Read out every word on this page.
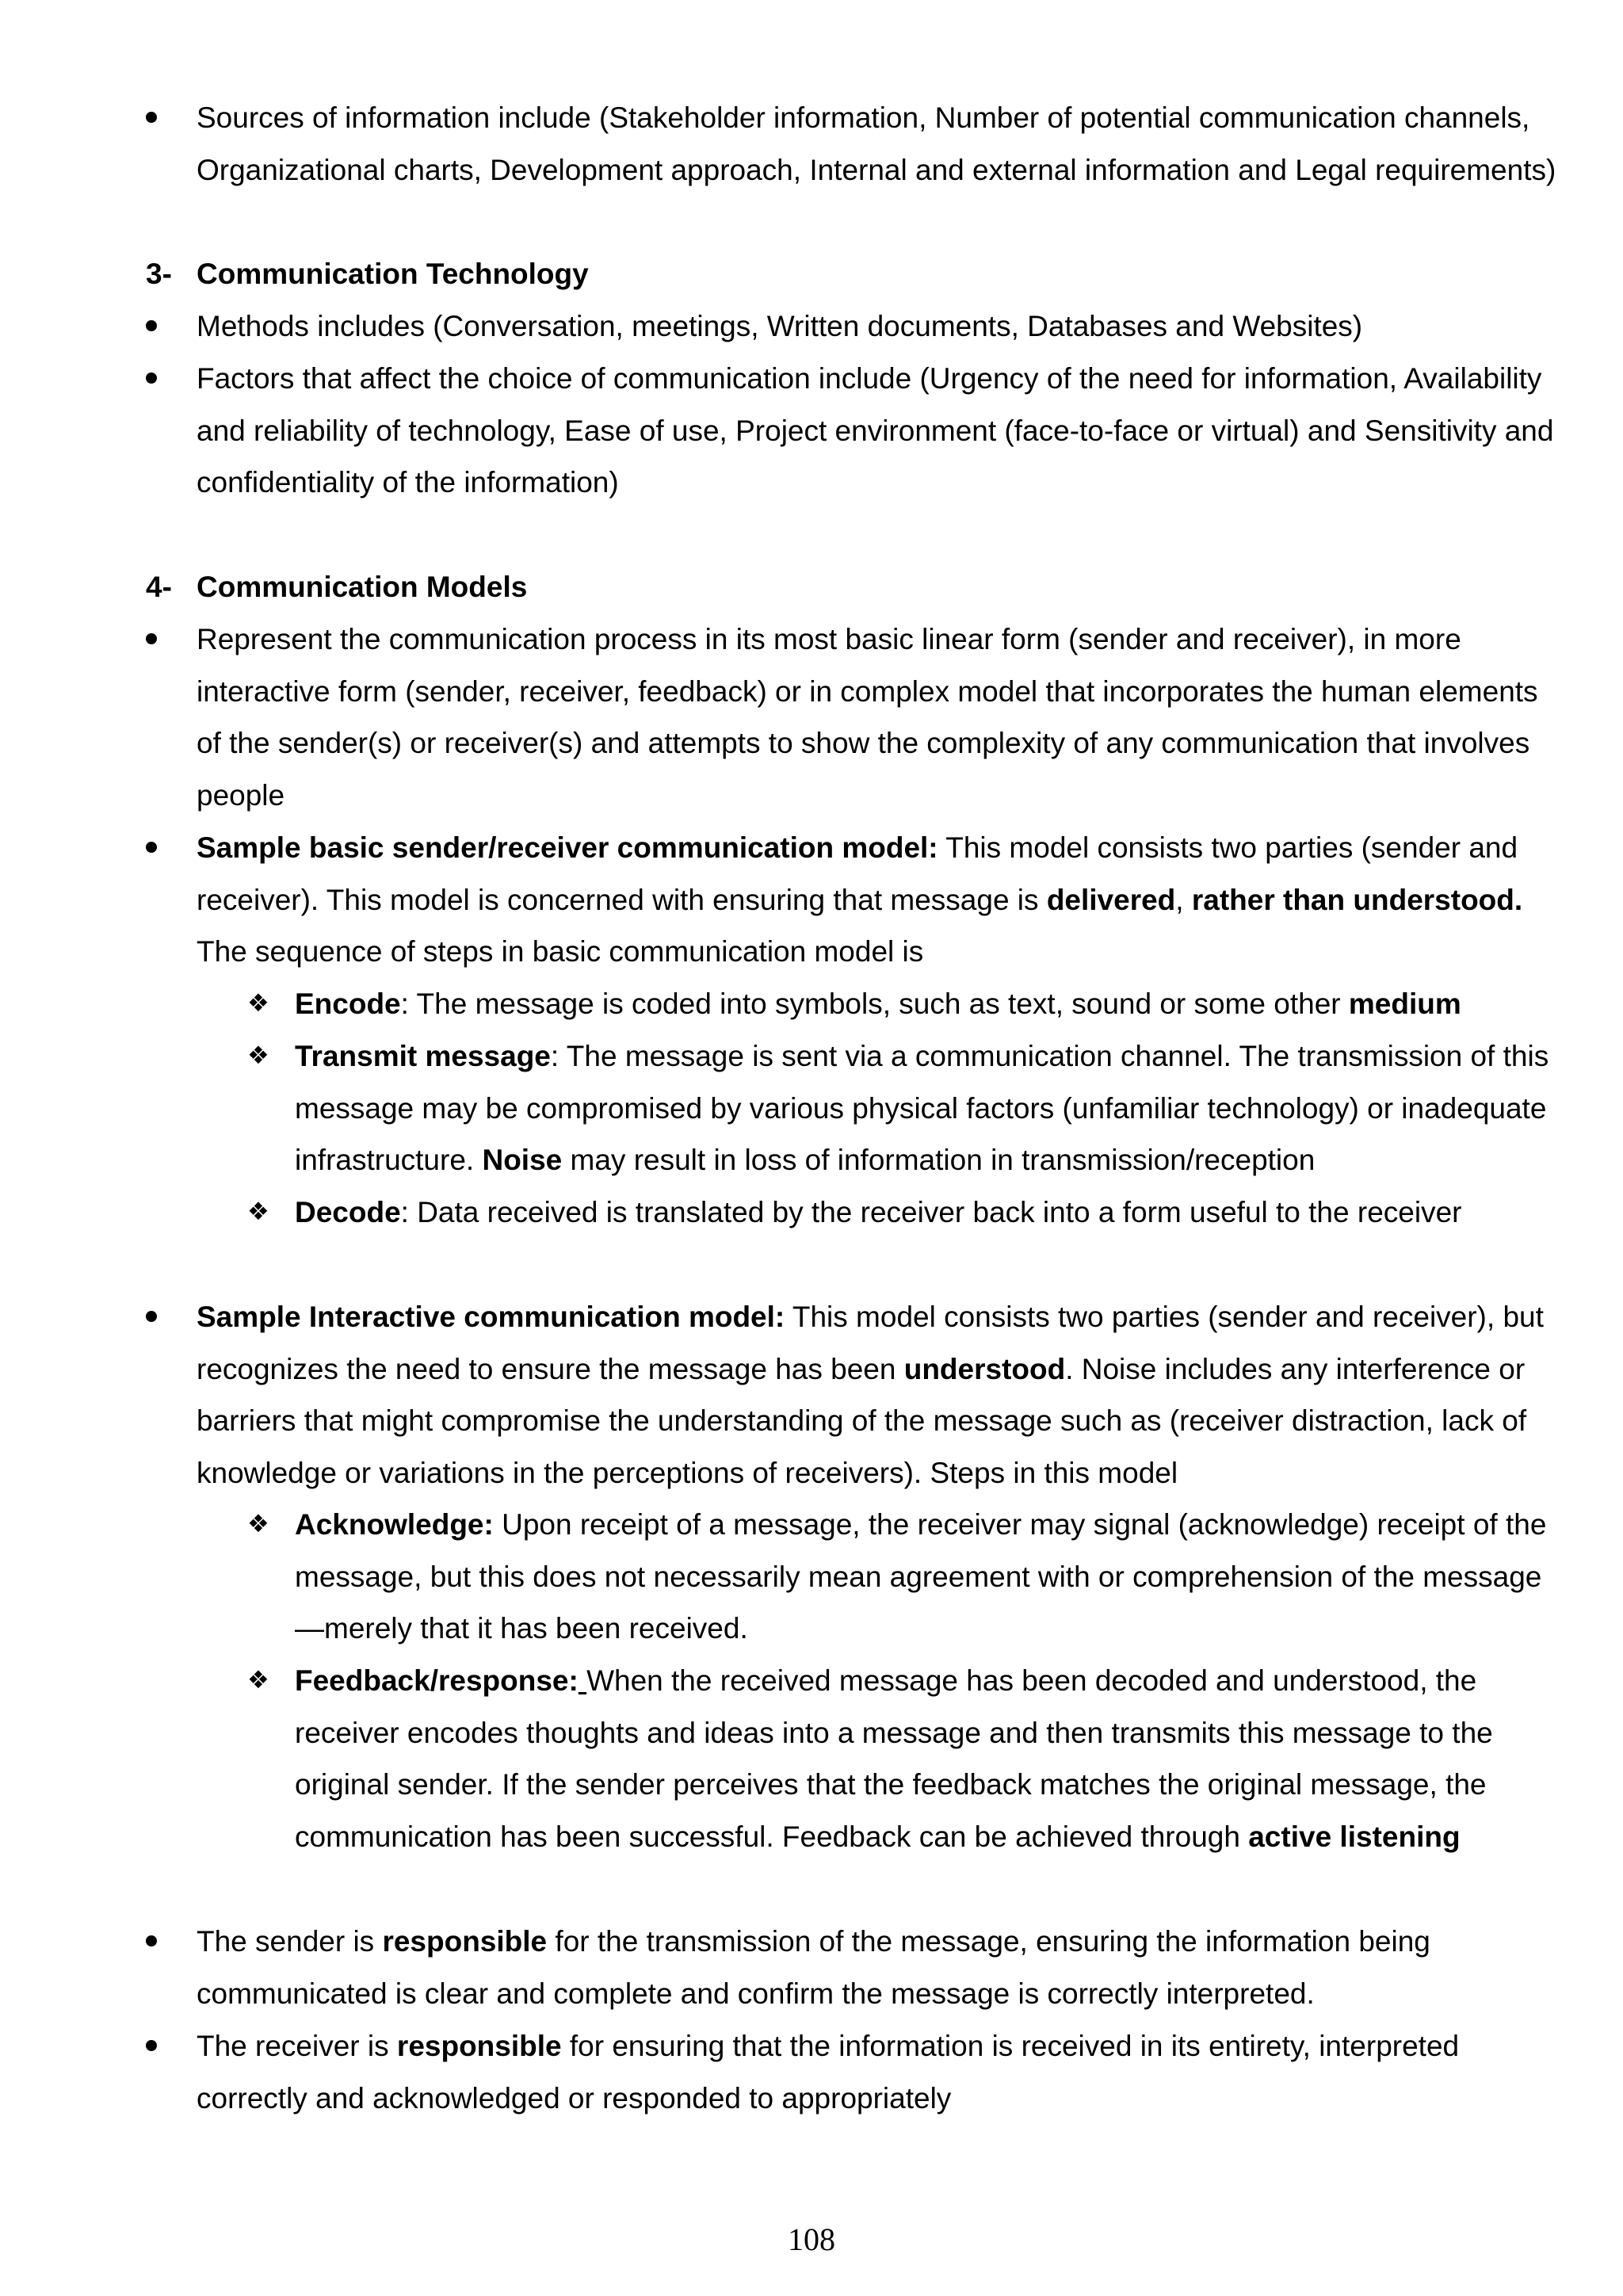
Sources of information include (Stakeholder information, Number of potential communication channels, Organizational charts, Development approach, Internal and external information and Legal requirements)

3- Communication Technology

Methods includes (Conversation, meetings, Written documents, Databases and Websites)

Factors that affect the choice of communication include (Urgency of the need for information, Availability and reliability of technology, Ease of use, Project environment (face-to-face or virtual) and Sensitivity and confidentiality of the information)

4- Communication Models

Represent the communication process in its most basic linear form (sender and receiver), in more interactive form (sender, receiver, feedback) or in complex model that incorporates the human elements of the sender(s) or receiver(s) and attempts to show the complexity of any communication that involves people

Sample basic sender/receiver communication model: This model consists two parties (sender and receiver). This model is concerned with ensuring that message is delivered, rather than understood. The sequence of steps in basic communication model is

❖ Encode: The message is coded into symbols, such as text, sound or some other medium

❖ Transmit message: The message is sent via a communication channel. The transmission of this message may be compromised by various physical factors (unfamiliar technology) or inadequate infrastructure. Noise may result in loss of information in transmission/reception

❖ Decode: Data received is translated by the receiver back into a form useful to the receiver

Sample Interactive communication model: This model consists two parties (sender and receiver), but recognizes the need to ensure the message has been understood. Noise includes any interference or barriers that might compromise the understanding of the message such as (receiver distraction, lack of knowledge or variations in the perceptions of receivers). Steps in this model

❖ Acknowledge: Upon receipt of a message, the receiver may signal (acknowledge) receipt of the message, but this does not necessarily mean agreement with or comprehension of the message—merely that it has been received.

❖ Feedback/response: When the received message has been decoded and understood, the receiver encodes thoughts and ideas into a message and then transmits this message to the original sender. If the sender perceives that the feedback matches the original message, the communication has been successful. Feedback can be achieved through active listening

The sender is responsible for the transmission of the message, ensuring the information being communicated is clear and complete and confirm the message is correctly interpreted.

The receiver is responsible for ensuring that the information is received in its entirety, interpreted correctly and acknowledged or responded to appropriately

108
